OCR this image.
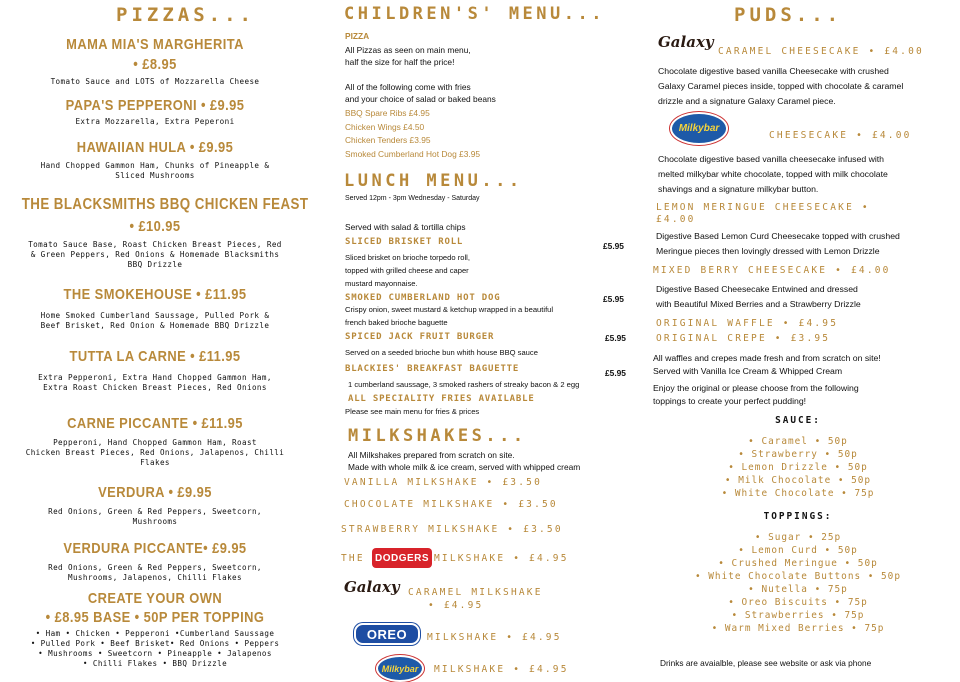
PIZZAS...
MAMA MIA'S MARGHERITA
• £8.95
Tomato Sauce and LOTS of Mozzarella Cheese
PAPA'S PEPPERONI • £9.95
Extra Mozzarella, Extra Peperoni
HAWAIIAN HULA • £9.95
Hand Chopped Gammon Ham, Chunks of Pineapple &
Sliced Mushrooms
THE BLACKSMITHS BBQ CHICKEN FEAST
• £10.95
Tomato Sauce Base, Roast Chicken Breast Pieces, Red
& Green Peppers, Red Onions & Homemade Blacksmiths
BBQ Drizzle
THE SMOKEHOUSE • £11.95
Home Smoked Cumberland Saussage, Pulled Pork &
Beef Brisket, Red Onion & Homemade BBQ Drizzle
TUTTA LA CARNE • £11.95
Extra Pepperoni, Extra Hand Chopped Gammon Ham,
Extra Roast Chicken Breast Pieces, Red Onions
CARNE PICCANTE • £11.95
Pepperoni, Hand Chopped Gammon Ham, Roast
Chicken Breast Pieces, Red Onions, Jalapenos, Chilli
Flakes
VERDURA • £9.95
Red Onions, Green & Red Peppers, Sweetcorn,
Mushrooms
VERDURA PICCANTE• £9.95
Red Onions, Green & Red Peppers, Sweetcorn,
Mushrooms, Jalapenos, Chilli Flakes
CREATE YOUR OWN
• £8.95 BASE • 50P PER TOPPING
• Ham • Chicken • Pepperoni •Cumberland Saussage
• Pulled Pork • Beef Brisket• Red Onions • Peppers
• Mushrooms • Sweetcorn • Pineapple • Jalapenos
• Chilli Flakes • BBQ Drizzle
CHILDREN'S' MENU...
PIZZA
All Pizzas as seen on main menu,
half the size for half the price!
All of the following come with fries
and your choice of salad or baked beans
BBQ Spare Ribs £4.95
Chicken Wings £4.50
Chicken Tenders £3.95
Smoked Cumberland Hot Dog £3.95
LUNCH MENU...
Served 12pm - 3pm Wednesday - Saturday
Served with salad & tortilla chips
SLICED BRISKET ROLL	£5.95
Sliced brisket on brioche torpedo roll,
topped with grilled cheese and caper
mustard mayonnaise.
SMOKED CUMBERLAND HOT DOG	£5.95
Crispy onion, sweet mustard & ketchup wrapped in a beautiful
french baked brioche baguette
SPICED JACK FRUIT BURGER	£5.95
Served on a seeded brioche bun whith house BBQ sauce
BLACKIES' BREAKFAST BAGUETTE	£5.95
1 cumberland saussage, 3 smoked rashers of streaky bacon & 2 egg
ALL SPECIALITY FRIES AVAILABLE
Please see main menu for fries & prices
MILKSHAKES...
All Milkshakes prepared from scratch on site.
Made with whole milk & ice cream, served with whipped cream
VANILLA MILKSHAKE • £3.50
CHOCOLATE MILKSHAKE • £3.50
STRAWBERRY MILKSHAKE • £3.50
THE DODGERS MILKSHAKE • £4.95
Galaxy CARAMEL MILKSHAKE
• £4.95
OREO	MILKSHAKE • £4.95
Milkybar	MILKSHAKE • £4.95
PUDS...
Galaxy
CARAMEL CHEESECAKE • £4.00
Chocolate digestive based vanilla Cheesecake with crushed
Galaxy Caramel pieces inside, topped with chocolate & caramel
drizzle and a signature Galaxy Caramel piece.
Milkybar
CHEESECAKE • £4.00
Chocolate digestive based vanilla cheesecake infused with
melted milkybar white chocolate, topped with milk chocolate
shavings and a signature milkybar button.
LEMON MERINGUE CHEESECAKE •
£4.00
Digestive Based Lemon Curd Cheesecake topped with crushed
Meringue pieces then lovingly dressed with Lemon Drizzle
MIXED BERRY CHEESECAKE • £4.00
Digestive Based Cheesecake Entwined and dressed
with Beautiful Mixed Berries and a Strawberry Drizzle
ORIGINAL WAFFLE • £4.95
ORIGINAL CREPE • £3.95
All waffles and crepes made fresh and from scratch on site!
Served with Vanilla Ice Cream & Whipped Cream
Enjoy the original or please choose from the following
toppings to create your perfect pudding!
SAUCE:
• Caramel • 50p
• Strawberry • 50p
• Lemon Drizzle • 50p
• Milk Chocolate • 50p
• White Chocolate • 75p
TOPPINGS:
• Sugar • 25p
• Lemon Curd • 50p
• Crushed Meringue • 50p
• White Chocolate Buttons • 50p
• Nutella • 75p
• Oreo Biscuits • 75p
• Strawberries • 75p
• Warm Mixed Berries • 75p
Drinks are avaialble, please see website or ask via phone
